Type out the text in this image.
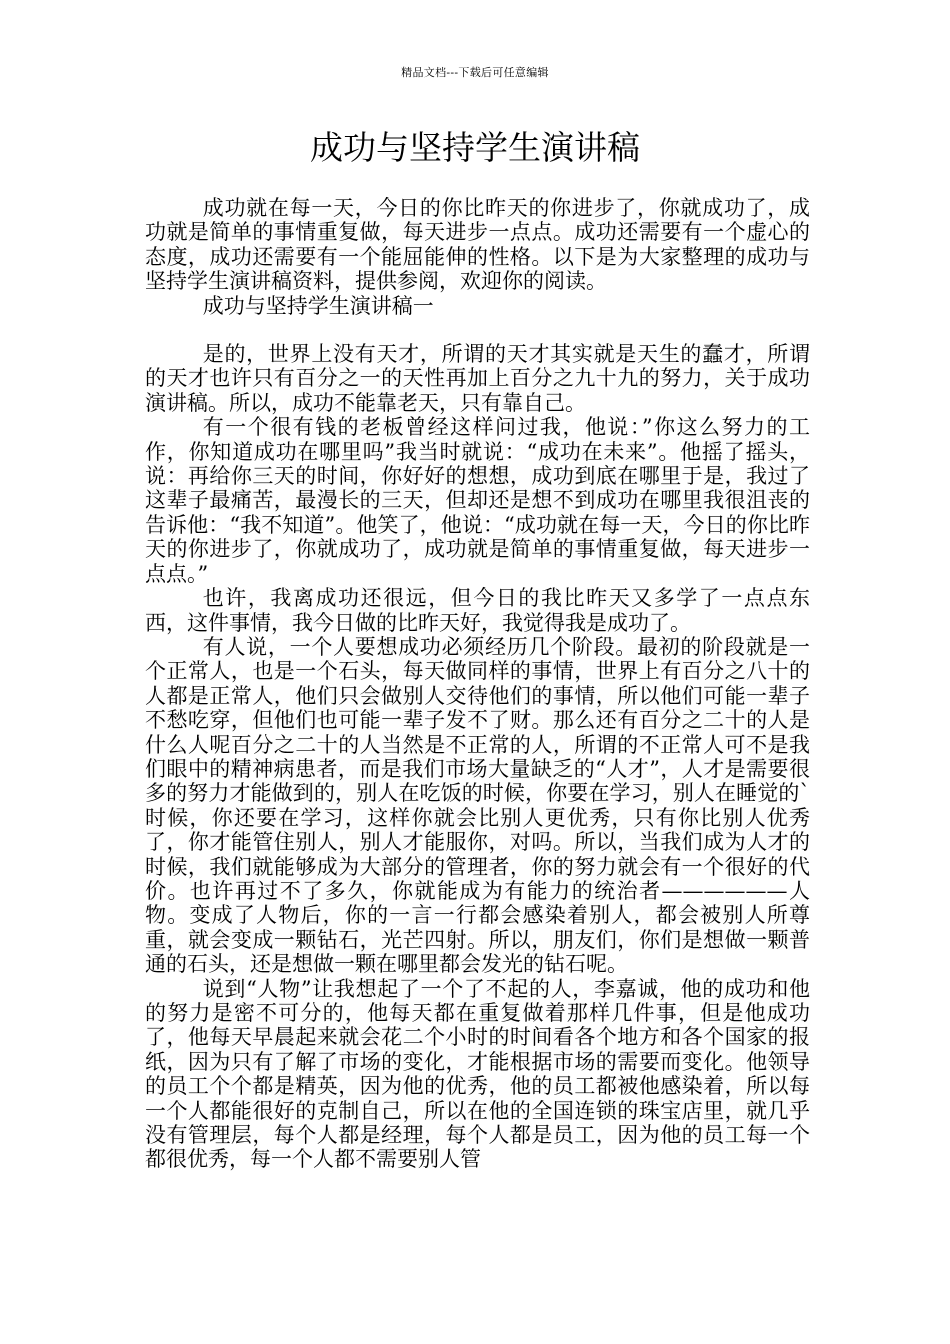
精品文档---下载后可任意编辑
成功与坚持学生演讲稿

成功就在每一天，今日的你比昨天的你进步了，你就成功了，成功就是简单的事情重复做，每天进步一点点。成功还需要有一个虚心的态度，成功还需要有一个能屈能伸的性格。以下是为大家整理的成功与坚持学生演讲稿资料，提供参阅，欢迎你的阅读。

成功与坚持学生演讲稿一

是的，世界上没有天才，所谓的天才其实就是天生的蠢才，所谓的天才也许只有百分之一的天性再加上百分之九十九的努力，关于成功演讲稿。所以，成功不能靠老天，只有靠自己。

有一个很有钱的老板曾经这样问过我，他说：”你这么努力的工作，你知道成功在哪里吗”我当时就说：“成功在未来”。他摇了摇头，说：再给你三天的时间，你好好的想想，成功到底在哪里于是，我过了这辈子最痛苦，最漫长的三天，但却还是想不到成功在哪里我很沮丧的告诉他：“我不知道”。他笑了，他说：“成功就在每一天，今日的你比昨天的你进步了，你就成功了，成功就是简单的事情重复做，每天进步一点点。”

也许，我离成功还很远，但今日的我比昨天又多学了一点点东西，这件事情，我今日做的比昨天好，我觉得我是成功了。

有人说，一个人要想成功必须经历几个阶段。最初的阶段就是一个正常人，也是一个石头，每天做同样的事情，世界上有百分之八十的人都是正常人，他们只会做别人交待他们的事情，所以他们可能一辈子不愁吃穿，但他们也可能一辈子发不了财。那么还有百分之二十的人是什么人呢百分之二十的人当然是不正常的人，所谓的不正常人可不是我们眼中的精神病患者，而是我们市场大量缺乏的“人才”，人才是需要很多的努力才能做到的，别人在吃饭的时候，你要在学习，别人在睡觉的`时候，你还要在学习，这样你就会比别人更优秀，只有你比别人优秀了，你才能管住别人，别人才能服你，对吗。所以，当我们成为人才的时候，我们就能够成为大部分的管理者，你的努力就会有一个很好的代价。也许再过不了多久，你就能成为有能力的统治者——————人物。变成了人物后，你的一言一行都会感染着别人，都会被别人所尊重，就会变成一颗钻石，光芒四射。所以，朋友们，你们是想做一颗普通的石头，还是想做一颗在哪里都会发光的钻石呢。

说到“人物”让我想起了一个了不起的人，李嘉诚，他的成功和他的努力是密不可分的，他每天都在重复做着那样几件事，但是他成功了，他每天早晨起来就会花二个小时的时间看各个地方和各个国家的报纸，因为只有了解了市场的变化，才能根据市场的需要而变化。他领导的员工个个都是精英，因为他的优秀，他的员工都被他感染着，所以每一个人都能很好的克制自己，所以在他的全国连锁的珠宝店里，就几乎没有管理层，每个人都是经理，每个人都是员工，因为他的员工每一个都很优秀，每一个人都不需要别人管
